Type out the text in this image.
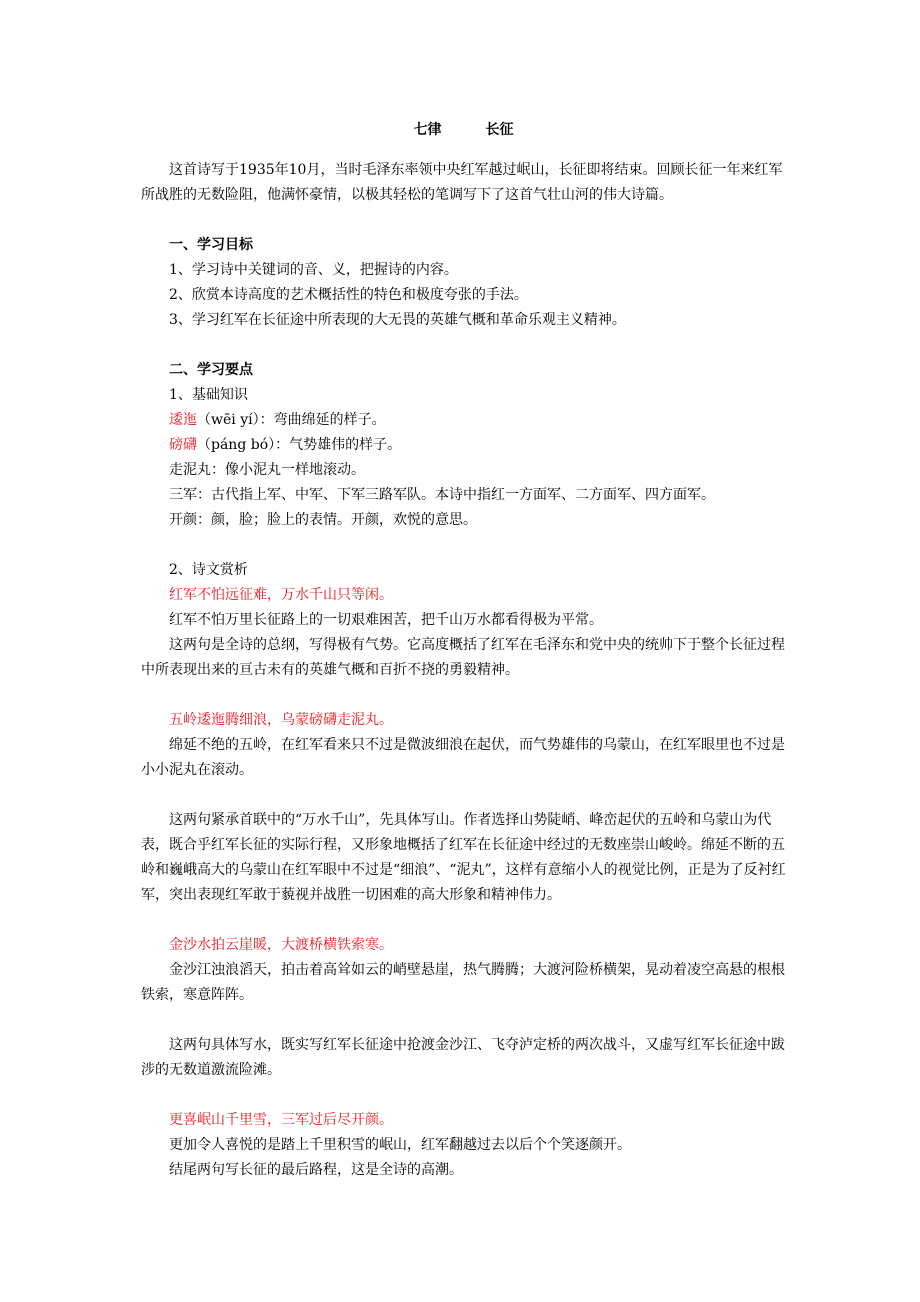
七律	长征

这首诗写于1935年10月，当时毛泽东率领中央红军越过岷山，长征即将结束。回顾长征一年来红军所战胜的无数险阻，他满怀豪情，以极其轻松的笔调写下了这首气壮山河的伟大诗篇。

一、学习目标

1、学习诗中关键词的音、义，把握诗的内容。

2、欣赏本诗高度的艺术概括性的特色和极度夸张的手法。

3、学习红军在长征途中所表现的大无畏的英雄气概和革命乐观主义精神。

二、学习要点

1、基础知识

逶迤（wēi yí）：弯曲绵延的样子。

磅礴（páng bó）：气势雄伟的样子。

走泥丸：像小泥丸一样地滚动。

三军：古代指上军、中军、下军三路军队。本诗中指红一方面军、二方面军、四方面军。

开颜：颜，脸；脸上的表情。开颜，欢悦的意思。

2、诗文赏析

红军不怕远征难，万水千山只等闲。

红军不怕万里长征路上的一切艰难困苦，把千山万水都看得极为平常。

这两句是全诗的总纲，写得极有气势。它高度概括了红军在毛泽东和党中央的统帅下于整个长征过程中所表现出来的亘古未有的英雄气概和百折不挠的勇毅精神。

五岭逶迤腾细浪，乌蒙磅礴走泥丸。

绵延不绝的五岭，在红军看来只不过是微波细浪在起伏，而气势雄伟的乌蒙山，在红军眼里也不过是小小泥丸在滚动。

这两句紧承首联中的“万水千山”，先具体写山。作者选择山势陡峭、峰峦起伏的五岭和乌蒙山为代表，既合乎红军长征的实际行程，又形象地概括了红军在长征途中经过的无数座崇山峻岭。绵延不断的五岭和巍峨高大的乌蒙山在红军眼中不过是“细浪”、“泥丸”，这样有意缩小人的视觉比例，正是为了反衬红军，突出表现红军敢于藐视并战胜一切困难的高大形象和精神伟力。

金沙水拍云崖暖，大渡桥横铁索寒。

金沙江浊浪滔天，拍击着高耸如云的峭壁悬崖，热气腾腾；大渡河险桥横架，晃动着凌空高悬的根根铁索，寒意阵阵。

这两句具体写水，既实写红军长征途中抢渡金沙江、飞夺泸定桥的两次战斗，又虚写红军长征途中跋涉的无数道激流险滩。

更喜岷山千里雪，三军过后尽开颜。

更加令人喜悦的是踏上千里积雪的岷山，红军翻越过去以后个个笑逐颜开。

结尾两句写长征的最后路程，这是全诗的高潮。
